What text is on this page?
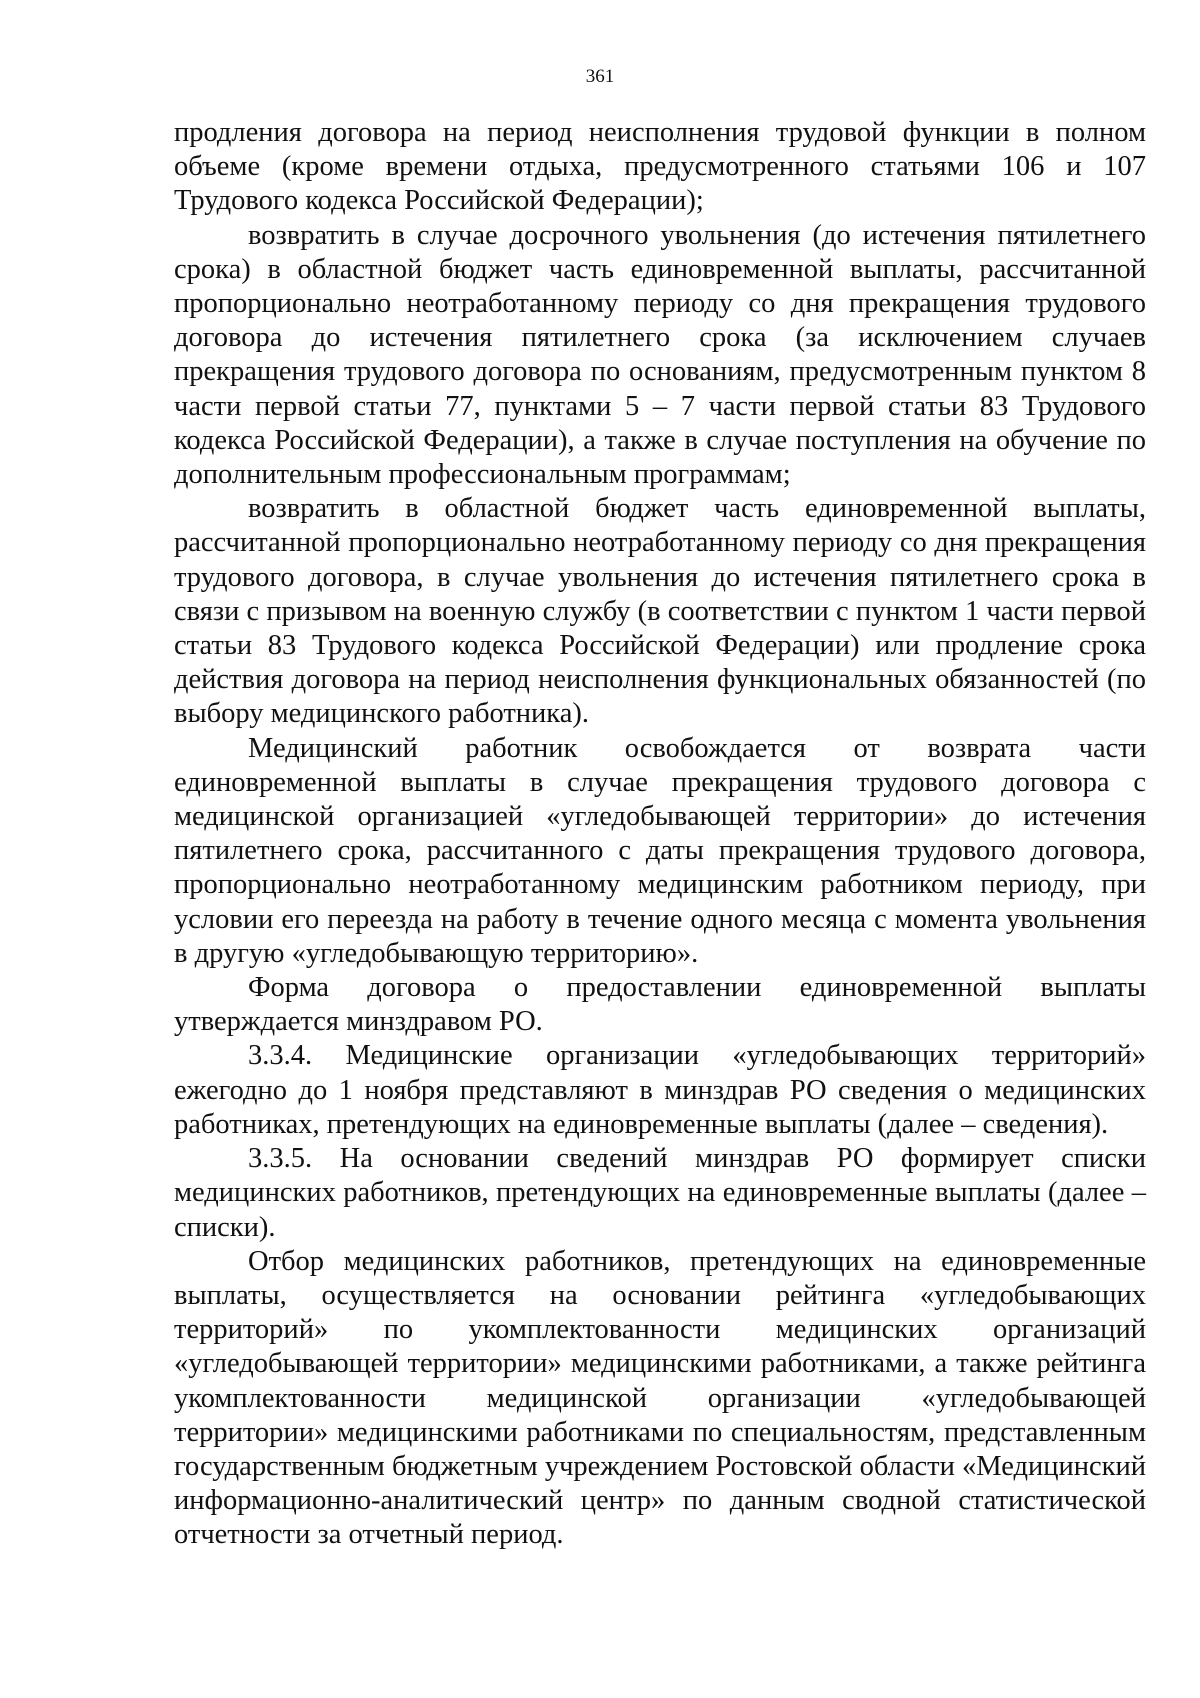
361

продления договора на период неисполнения трудовой функции в полном объеме (кроме времени отдыха, предусмотренного статьями 106 и 107 Трудового кодекса Российской Федерации);

возвратить в случае досрочного увольнения (до истечения пятилетнего срока) в областной бюджет часть единовременной выплаты, рассчитанной пропорционально неотработанному периоду со дня прекращения трудового договора до истечения пятилетнего срока (за исключением случаев прекращения трудового договора по основаниям, предусмотренным пунктом 8 части первой статьи 77, пунктами 5 – 7 части первой статьи 83 Трудового кодекса Российской Федерации), а также в случае поступления на обучение по дополнительным профессиональным программам;

возвратить в областной бюджет часть единовременной выплаты, рассчитанной пропорционально неотработанному периоду со дня прекращения трудового договора, в случае увольнения до истечения пятилетнего срока в связи с призывом на военную службу (в соответствии с пунктом 1 части первой статьи 83 Трудового кодекса Российской Федерации) или продление срока действия договора на период неисполнения функциональных обязанностей (по выбору медицинского работника).

Медицинский работник освобождается от возврата части единовременной выплаты в случае прекращения трудового договора с медицинской организацией «угледобывающей территории» до истечения пятилетнего срока, рассчитанного с даты прекращения трудового договора, пропорционально неотработанному медицинским работником периоду, при условии его переезда на работу в течение одного месяца с момента увольнения в другую «угледобывающую территорию».

Форма договора о предоставлении единовременной выплаты утверждается минздравом РО.

3.3.4. Медицинские организации «угледобывающих территорий» ежегодно до 1 ноября представляют в минздрав РО сведения о медицинских работниках, претендующих на единовременные выплаты (далее – сведения).

3.3.5. На основании сведений минздрав РО формирует списки медицинских работников, претендующих на единовременные выплаты (далее – списки).

Отбор медицинских работников, претендующих на единовременные выплаты, осуществляется на основании рейтинга «угледобывающих территорий» по укомплектованности медицинских организаций «угледобывающей территории» медицинскими работниками, а также рейтинга укомплектованности медицинской организации «угледобывающей территории» медицинскими работниками по специальностям, представленным государственным бюджетным учреждением Ростовской области «Медицинский информационно-аналитический центр» по данным сводной статистической отчетности за отчетный период.
